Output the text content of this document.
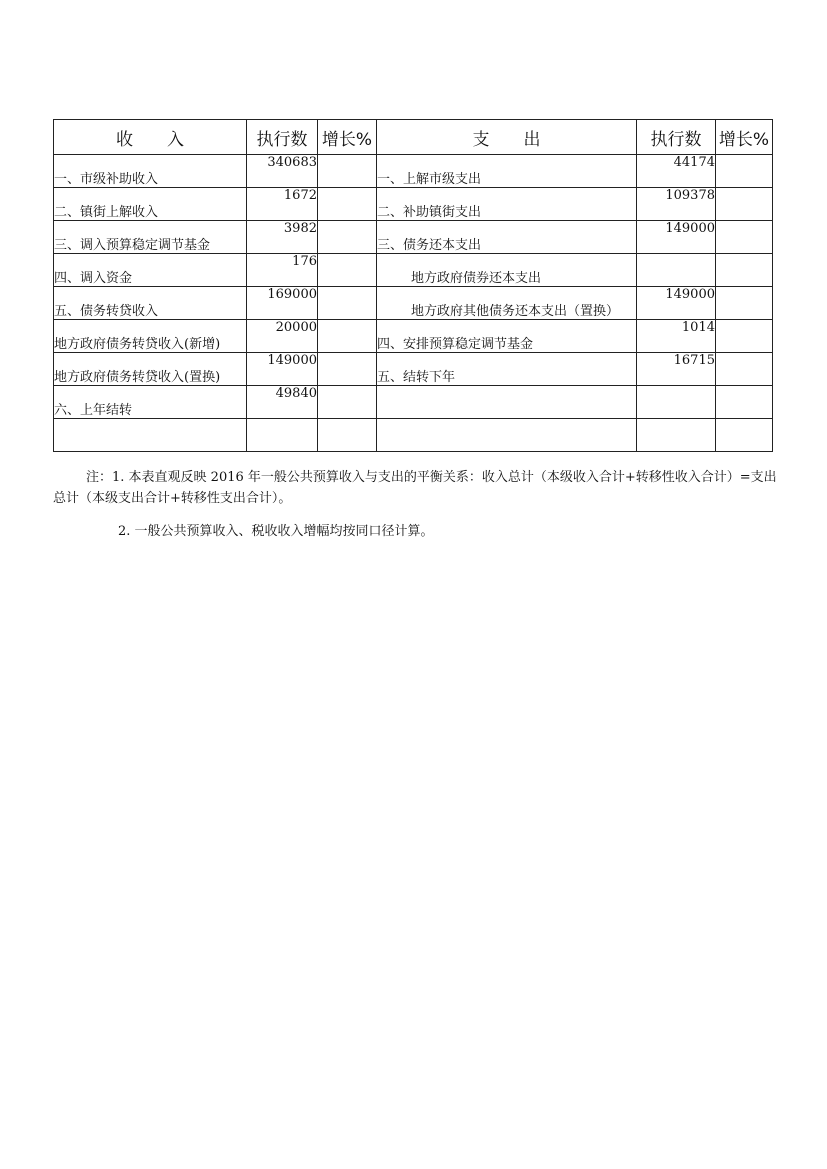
收　　入	执行数	增长%	支　　出	执行数	增长%
一、市级补助收入	340683		一、上解市级支出	44174	
二、镇街上解收入	1672		二、补助镇街支出	109378	
三、调入预算稳定调节基金	3982		三、债务还本支出	149000	
四、调入资金	176		地方政府债券还本支出		
五、债务转贷收入	169000		地方政府其他债务还本支出（置换）	149000	
地方政府债务转贷收入(新增)	20000		四、安排预算稳定调节基金	1014	
地方政府债务转贷收入(置换)	149000		五、结转下年	16715	
六、上年结转	49840				

注：1. 本表直观反映 2016 年一般公共预算收入与支出的平衡关系：收入总计（本级收入合计+转移性收入合计）=支出总计（本级支出合计+转移性支出合计）。
2. 一般公共预算收入、税收收入增幅均按同口径计算。
